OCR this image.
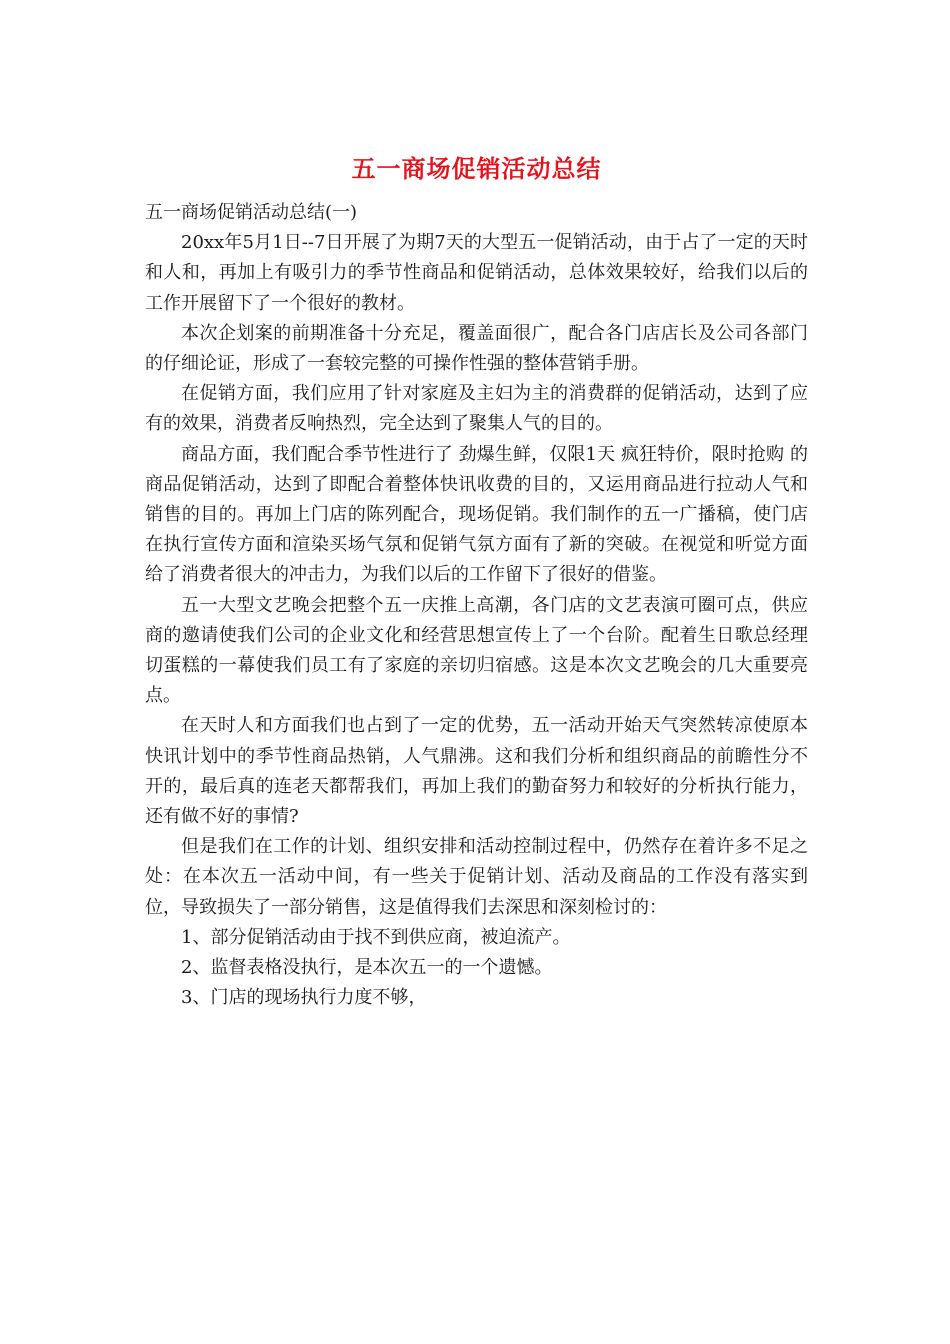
五一商场促销活动总结

五一商场促销活动总结(一)

20xx年5月1日--7日开展了为期7天的大型五一促销活动，由于占了一定的天时和人和，再加上有吸引力的季节性商品和促销活动，总体效果较好，给我们以后的工作开展留下了一个很好的教材。

本次企划案的前期准备十分充足，覆盖面很广，配合各门店店长及公司各部门的仔细论证，形成了一套较完整的可操作性强的整体营销手册。

在促销方面，我们应用了针对家庭及主妇为主的消费群的促销活动，达到了应有的效果，消费者反响热烈，完全达到了聚集人气的目的。

商品方面，我们配合季节性进行了 劲爆生鲜，仅限1天 疯狂特价，限时抢购 的商品促销活动，达到了即配合着整体快讯收费的目的，又运用商品进行拉动人气和销售的目的。再加上门店的陈列配合，现场促销。我们制作的五一广播稿，使门店在执行宣传方面和渲染买场气氛和促销气氛方面有了新的突破。在视觉和听觉方面给了消费者很大的冲击力，为我们以后的工作留下了很好的借鉴。

五一大型文艺晚会把整个五一庆推上高潮，各门店的文艺表演可圈可点，供应商的邀请使我们公司的企业文化和经营思想宣传上了一个台阶。配着生日歌总经理切蛋糕的一幕使我们员工有了家庭的亲切归宿感。这是本次文艺晚会的几大重要亮点。

在天时人和方面我们也占到了一定的优势，五一活动开始天气突然转凉使原本快讯计划中的季节性商品热销，人气鼎沸。这和我们分析和组织商品的前瞻性分不开的，最后真的连老天都帮我们，再加上我们的勤奋努力和较好的分析执行能力，还有做不好的事情?

但是我们在工作的计划、组织安排和活动控制过程中，仍然存在着许多不足之处：在本次五一活动中间，有一些关于促销计划、活动及商品的工作没有落实到位，导致损失了一部分销售，这是值得我们去深思和深刻检讨的：

1、部分促销活动由于找不到供应商，被迫流产。

2、监督表格没执行，是本次五一的一个遗憾。

3、门店的现场执行力度不够，
